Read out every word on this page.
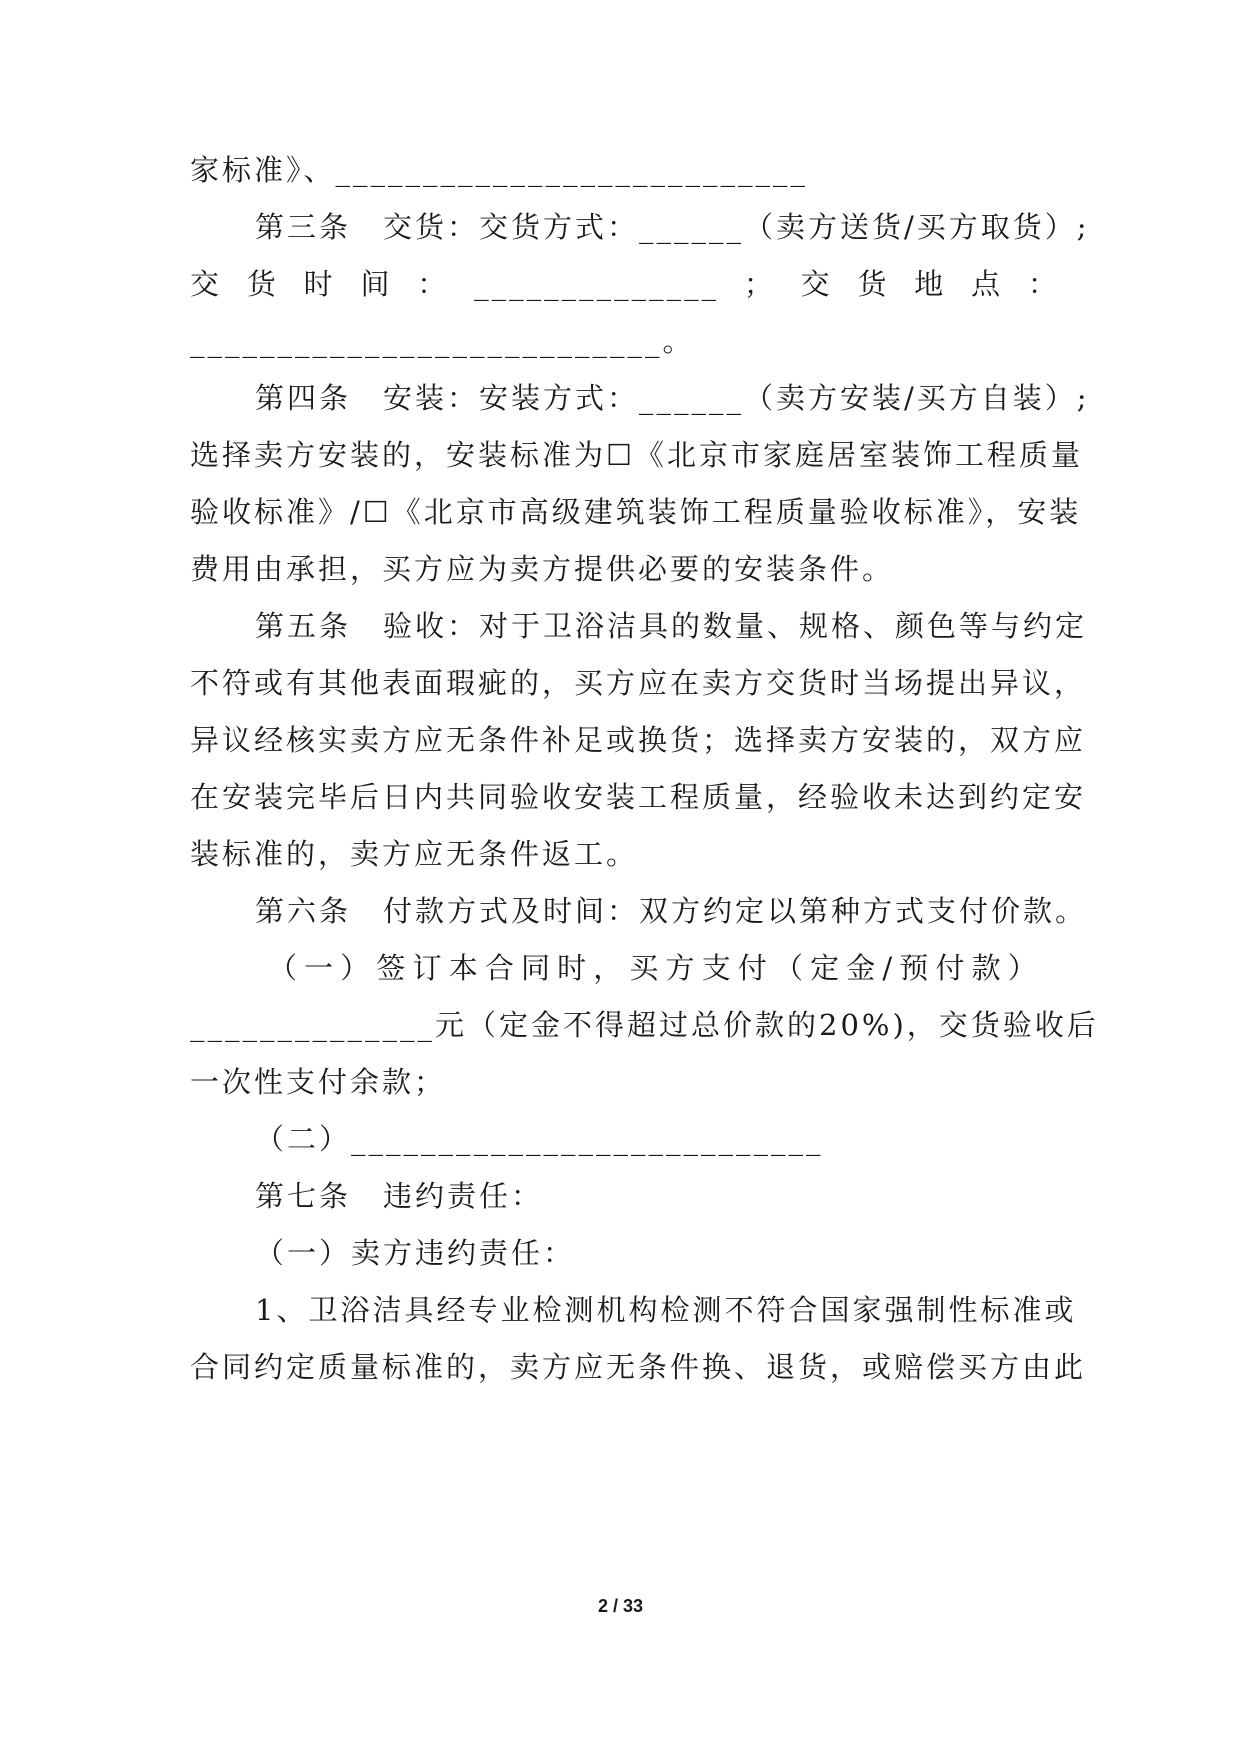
家标准》、___________________________
第三条　交货：交货方式：______（卖方送货/买方取货）;
交 货 时 间 ： ______________ ； 交 货 地 点 ：
___________________________。
第四条　安装：安装方式：______（卖方安装/买方自装）;
选择卖方安装的，安装标准为☐《北京市家庭居室装饰工程质量
验收标准》/☐《北京市高级建筑装饰工程质量验收标准》，安装
费用由承担，买方应为卖方提供必要的安装条件。
第五条　验收：对于卫浴洁具的数量、规格、颜色等与约定
不符或有其他表面瑕疵的，买方应在卖方交货时当场提出异议，
异议经核实卖方应无条件补足或换货；选择卖方安装的，双方应
在安装完毕后日内共同验收安装工程质量，经验收未达到约定安
装标准的，卖方应无条件返工。
第六条　付款方式及时间：双方约定以第种方式支付价款。
（ 一 ） 签 订 本 合 同 时 ， 买 方 支 付 （ 定 金 / 预 付 款 ）
______________元（定金不得超过总价款的20%)，交货验收后
一次性支付余款；
（二）___________________________
第七条　违约责任：
（一）卖方违约责任：
1、卫浴洁具经专业检测机构检测不符合国家强制性标准或
合同约定质量标准的，卖方应无条件换、退货，或赔偿买方由此
2 / 33
